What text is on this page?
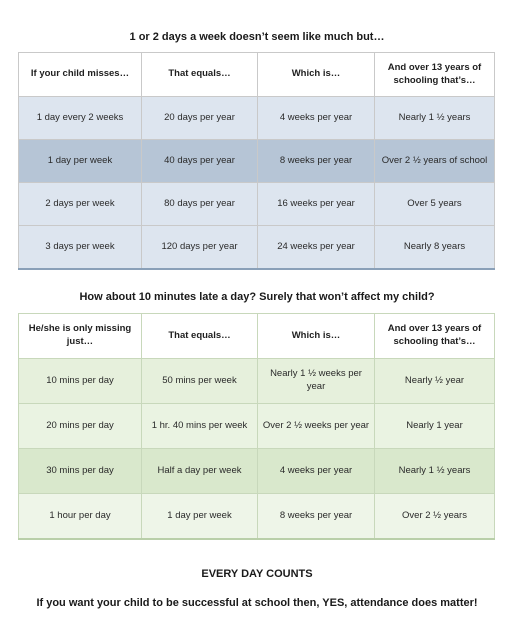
1 or 2 days a week doesn’t seem like much but…
If your child misses…	That equals…	Which is…	And over 13 years of schooling that’s…
1 day every 2 weeks	20 days per year	4 weeks per year	Nearly 1 ½ years
1 day per week	40 days per year	8 weeks per year	Over 2 ½ years of school
2 days per week	80 days per year	16 weeks per year	Over 5 years
3 days per week	120 days per year	24 weeks per year	Nearly 8 years
How about 10 minutes late a day? Surely that won’t affect my child?
He/she is only missing just…	That equals…	Which is…	And over 13 years of schooling that’s…
10 mins per day	50 mins per week	Nearly 1 ½ weeks per year	Nearly ½ year
20 mins per day	1 hr. 40 mins per week	Over 2 ½ weeks per year	Nearly 1 year
30 mins per day	Half a day per week	4 weeks per year	Nearly 1 ½ years
1 hour per day	1 day per week	8 weeks per year	Over 2 ½ years
EVERY DAY COUNTS
If you want your child to be successful at school then, YES, attendance does matter!
